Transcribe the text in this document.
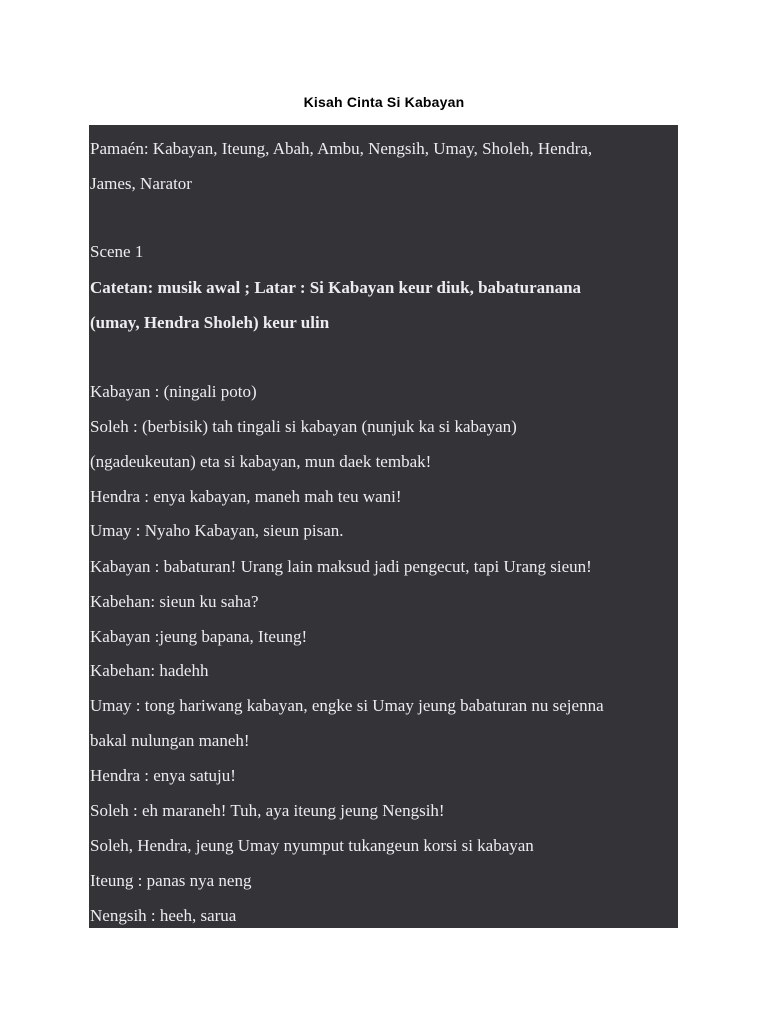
Kisah Cinta Si Kabayan
Pamaén: Kabayan, Iteung, Abah, Ambu, Nengsih, Umay, Sholeh, Hendra,
James, Narator
Scene 1
Catetan: musik awal ; Latar : Si Kabayan keur diuk, babaturanana
(umay, Hendra Sholeh) keur ulin
Kabayan : (ningali poto)
Soleh : (berbisik) tah tingali si kabayan (nunjuk ka si kabayan)
(ngadeukeutan) eta si kabayan, mun daek tembak!
Hendra : enya kabayan, maneh mah teu wani!
Umay : Nyaho Kabayan, sieun pisan.
Kabayan : babaturan! Urang lain maksud jadi pengecut, tapi Urang sieun!
Kabehan: sieun ku saha?
Kabayan :jeung bapana, Iteung!
Kabehan: hadehh
Umay : tong hariwang kabayan, engke si Umay jeung babaturan nu sejenna
bakal nulungan maneh!
Hendra : enya satuju!
Soleh : eh maraneh! Tuh, aya iteung jeung Nengsih!
Soleh, Hendra, jeung Umay nyumput tukangeun korsi si kabayan
Iteung : panas nya neng
Nengsih : heeh, sarua
